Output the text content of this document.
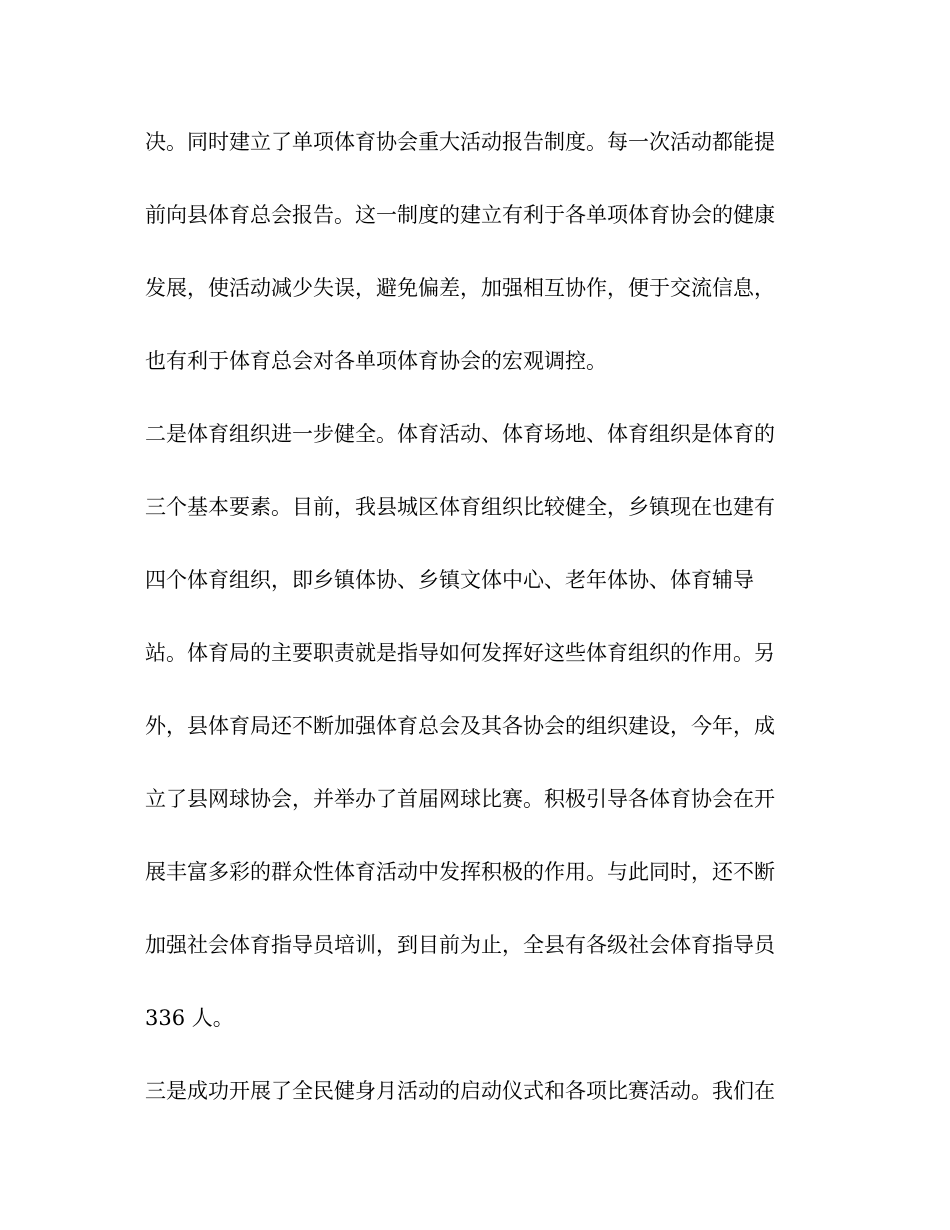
决。同时建立了单项体育协会重大活动报告制度。每一次活动都能提
前向县体育总会报告。这一制度的建立有利于各单项体育协会的健康
发展，使活动减少失误，避免偏差，加强相互协作，便于交流信息，
也有利于体育总会对各单项体育协会的宏观调控。
二是体育组织进一步健全。体育活动、体育场地、体育组织是体育的
三个基本要素。目前，我县城区体育组织比较健全，乡镇现在也建有
四个体育组织，即乡镇体协、乡镇文体中心、老年体协、体育辅导
站。体育局的主要职责就是指导如何发挥好这些体育组织的作用。另
外，县体育局还不断加强体育总会及其各协会的组织建设，今年，成
立了县网球协会，并举办了首届网球比赛。积极引导各体育协会在开
展丰富多彩的群众性体育活动中发挥积极的作用。与此同时，还不断
加强社会体育指导员培训，到目前为止，全县有各级社会体育指导员
336 人。
三是成功开展了全民健身月活动的启动仪式和各项比赛活动。我们在
